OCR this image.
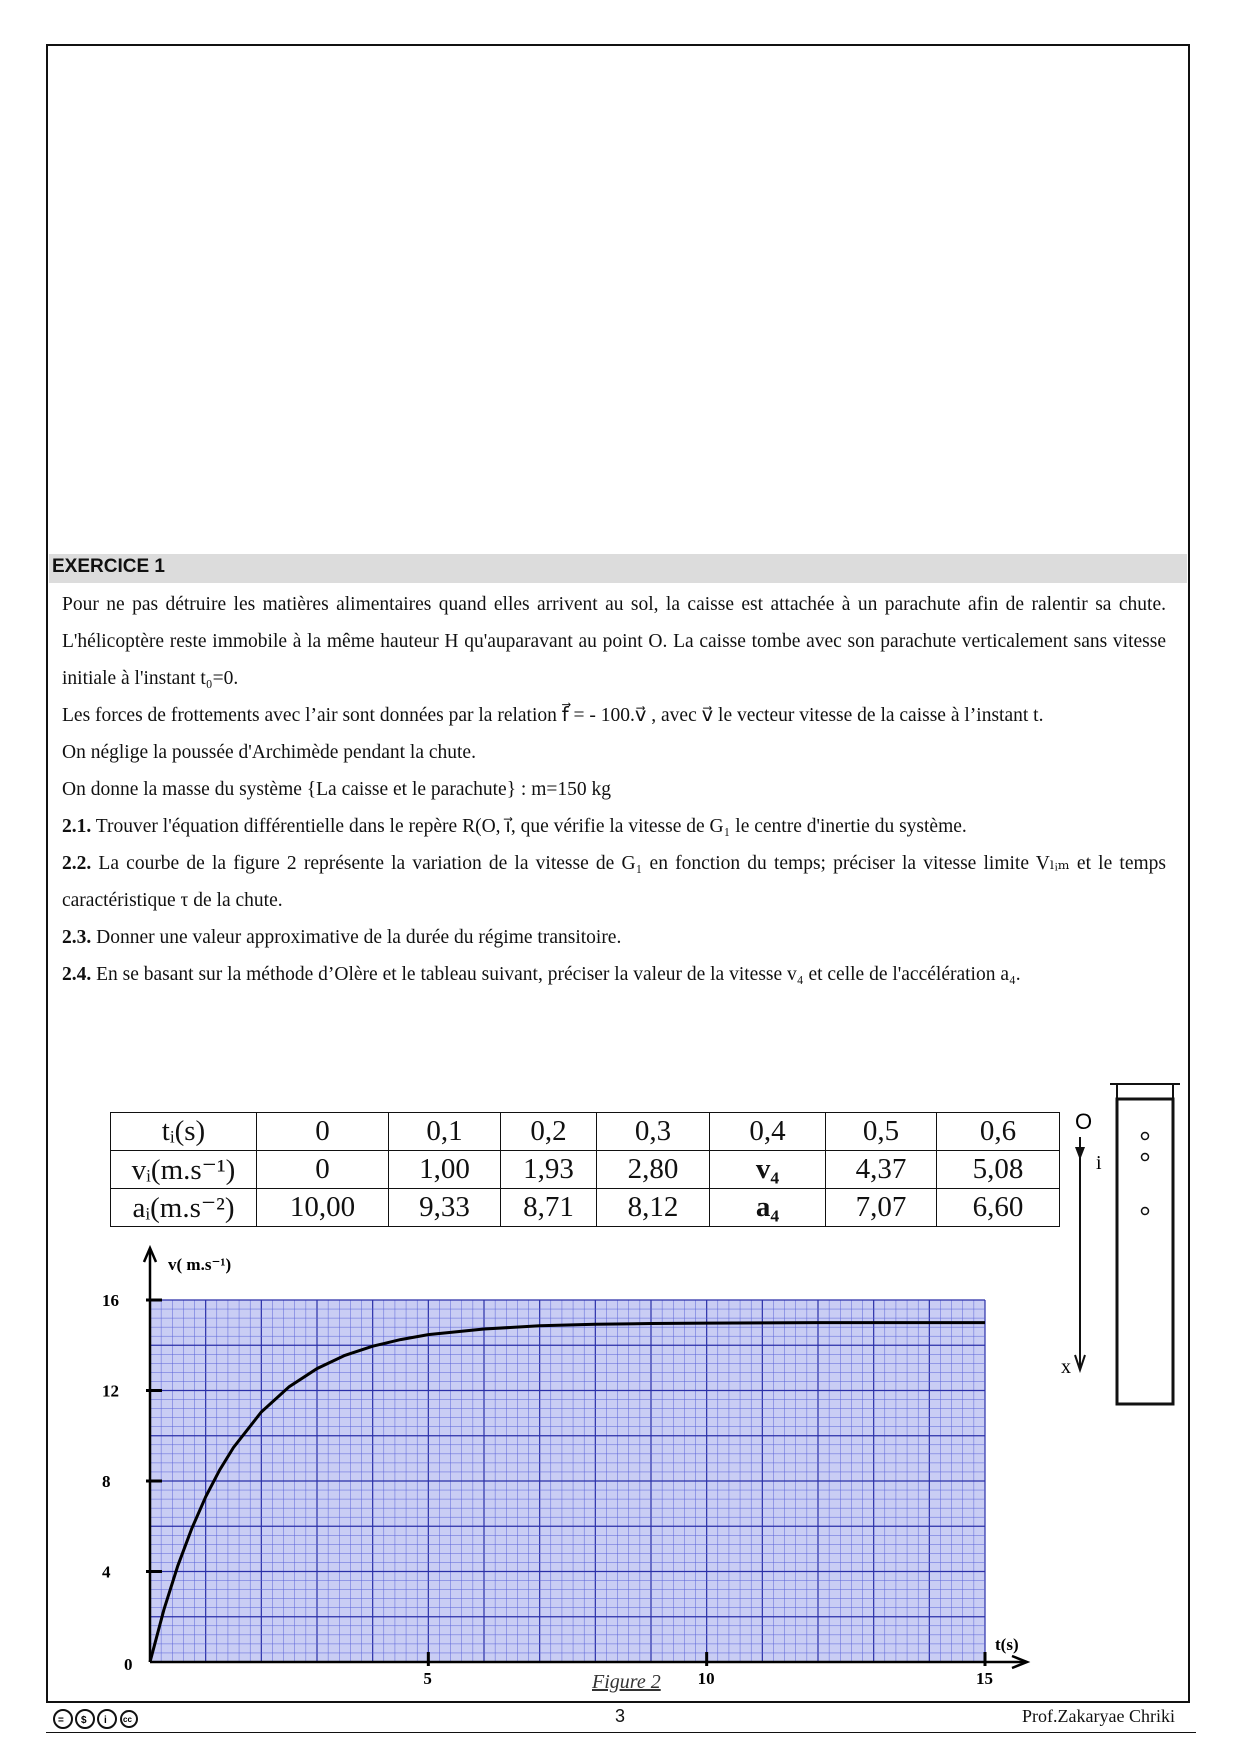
EXERCICE 1

Pour ne pas détruire les matières alimentaires quand elles arrivent au sol, la caisse est attachée à un parachute afin de ralentir sa chute. L'hélicoptère reste immobile à la même hauteur H qu'auparavant au point O. La caisse tombe avec son parachute verticalement sans vitesse initiale à l'instant t₀=0.

Les forces de frottements avec l’air sont données par la relation f⃗ = - 100.v⃗ , avec v⃗ le vecteur vitesse de la caisse à l’instant t.

On néglige la poussée d'Archimède pendant la chute.

On donne la masse du système {La caisse et le parachute} : m=150 kg

2.1. Trouver l'équation différentielle dans le repère R(O, i⃗, que vérifie la vitesse de G₁ le centre d'inertie du système.

2.2. La courbe de la figure 2 représente la variation de la vitesse de G₁ en fonction du temps; préciser la vitesse limite Vₗᵢₘ et le temps caractéristique τ de la chute.

2.3. Donner une valeur approximative de la durée du régime transitoire.

2.4. En se basant sur la méthode d’Olère et le tableau suivant, préciser la valeur de la vitesse v₄ et celle de l'accélération a₄.

tᵢ(s)	0	0,1	0,2	0,3	0,4	0,5	0,6
vᵢ(m.s⁻¹)	0	1,00	1,93	2,80	v₄	4,37	5,08
aᵢ(m.s⁻²)	10,00	9,33	8,71	8,12	a₄	7,07	6,60
O
i
x
4
8
12
16
5	10	15
v( m.s⁻¹)
t(s)
0
Figure 2
= $ i cc	3	Prof.Zakaryae Chriki
